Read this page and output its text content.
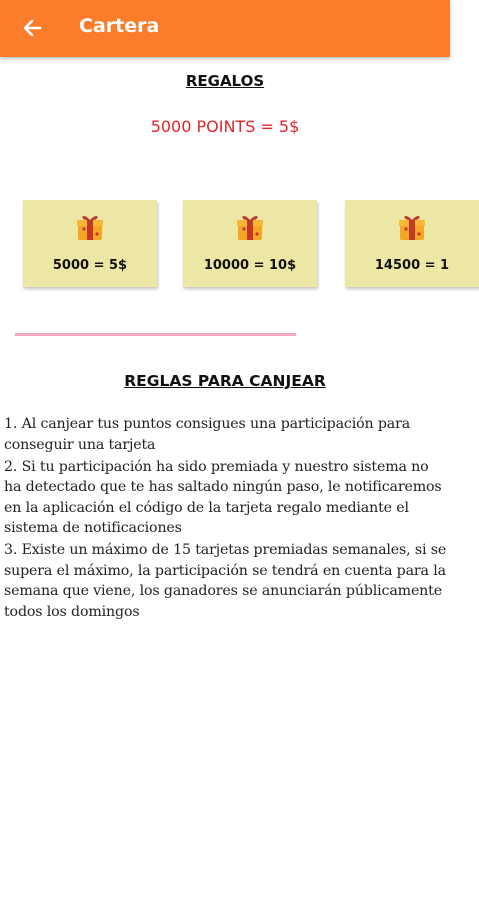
Cartera
REGALOS
5000 POINTS = 5$
5000 = 5$	10000 = 10$	14500 = 1
REGLAS PARA CANJEAR

1. Al canjear tus puntos consigues una participación para conseguir una tarjeta

2. Si tu participación ha sido premiada y nuestro sistema no ha detectado que te has saltado ningún paso, le notificaremos en la aplicación el código de la tarjeta regalo mediante el sistema de notificaciones

3. Existe un máximo de 15 tarjetas premiadas semanales, si se supera el máximo, la participación se tendrá en cuenta para la semana que viene, los ganadores se anunciarán públicamente todos los domingos
